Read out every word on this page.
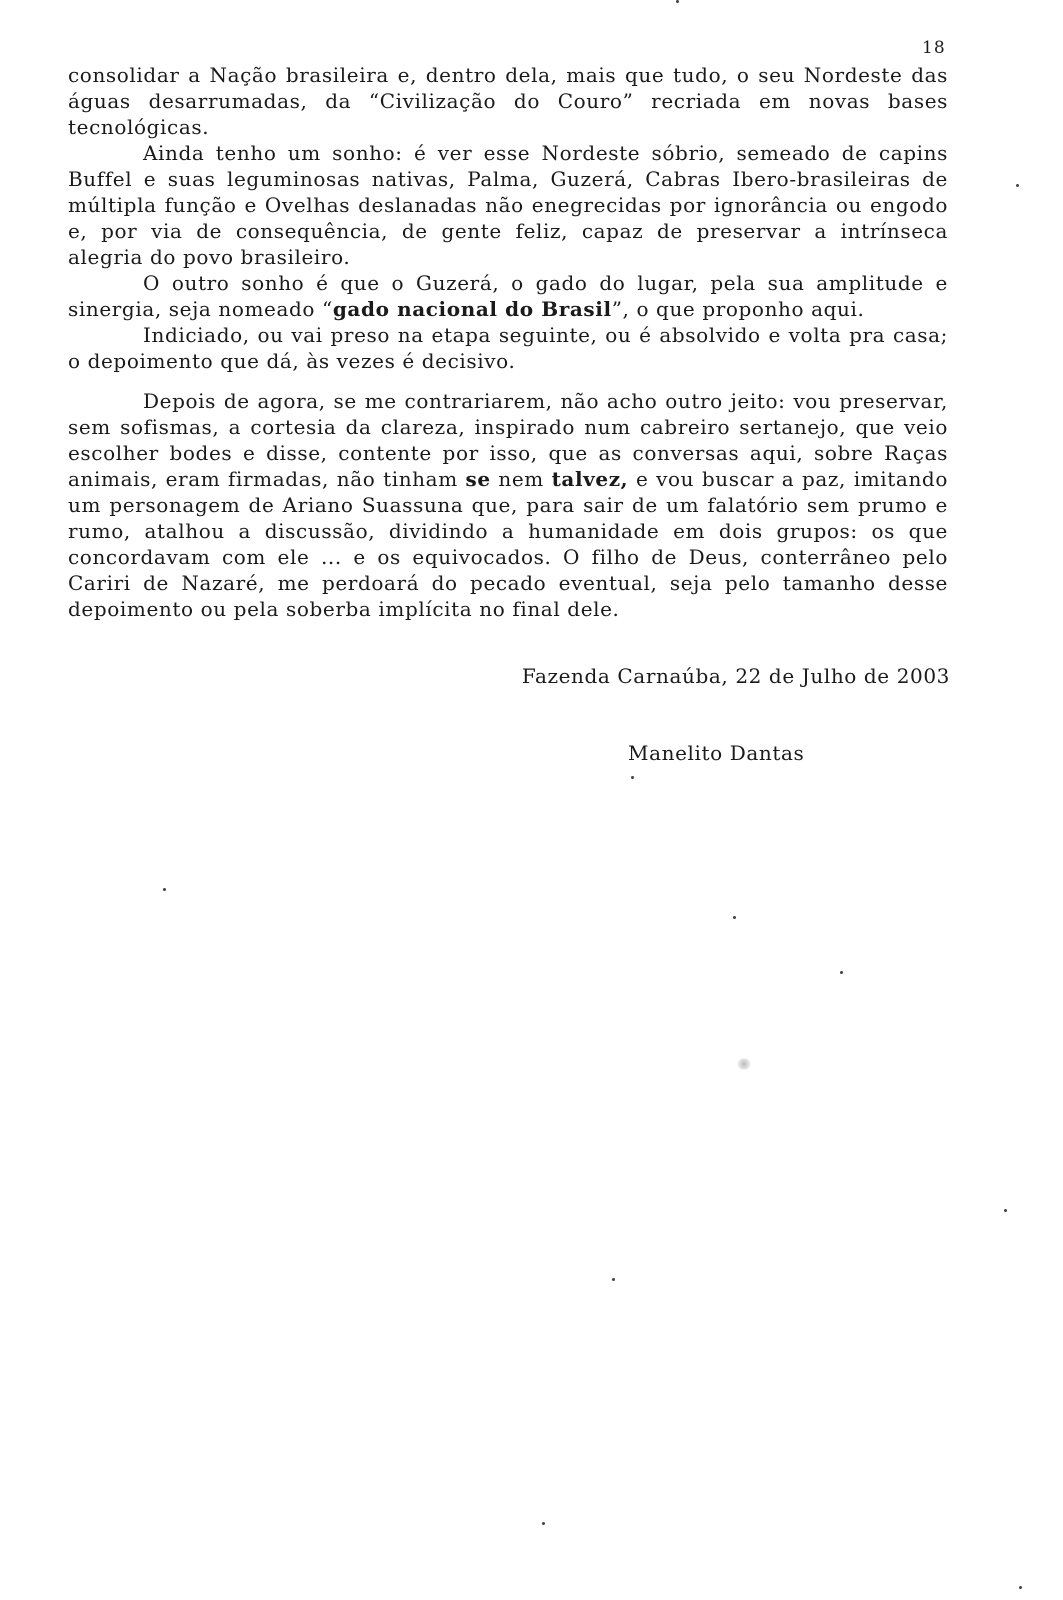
18

consolidar a Nação brasileira e, dentro dela, mais que tudo, o seu Nordeste das águas desarrumadas, da “Civilização do Couro” recriada em novas bases tecnológicas.

Ainda tenho um sonho: é ver esse Nordeste sóbrio, semeado de capins Buffel e suas leguminosas nativas, Palma, Guzerá, Cabras Ibero-brasileiras de múltipla função e Ovelhas deslanadas não enegrecidas por ignorância ou engodo e, por via de consequência, de gente feliz, capaz de preservar a intrínseca alegria do povo brasileiro.

O outro sonho é que o Guzerá, o gado do lugar, pela sua amplitude e sinergia, seja nomeado “gado nacional do Brasil”, o que proponho aqui.

Indiciado, ou vai preso na etapa seguinte, ou é absolvido e volta pra casa; o depoimento que dá, às vezes é decisivo.

Depois de agora, se me contrariarem, não acho outro jeito: vou preservar, sem sofismas, a cortesia da clareza, inspirado num cabreiro sertanejo, que veio escolher bodes e disse, contente por isso, que as conversas aqui, sobre Raças animais, eram firmadas, não tinham se nem talvez, e vou buscar a paz, imitando um personagem de Ariano Suassuna que, para sair de um falatório sem prumo e rumo, atalhou a discussão, dividindo a humanidade em dois grupos: os que concordavam com ele ... e os equivocados. O filho de Deus, conterrâneo pelo Cariri de Nazaré, me perdoará do pecado eventual, seja pelo tamanho desse depoimento ou pela soberba implícita no final dele.

Fazenda Carnaúba, 22 de Julho de 2003
Manelito Dantas
